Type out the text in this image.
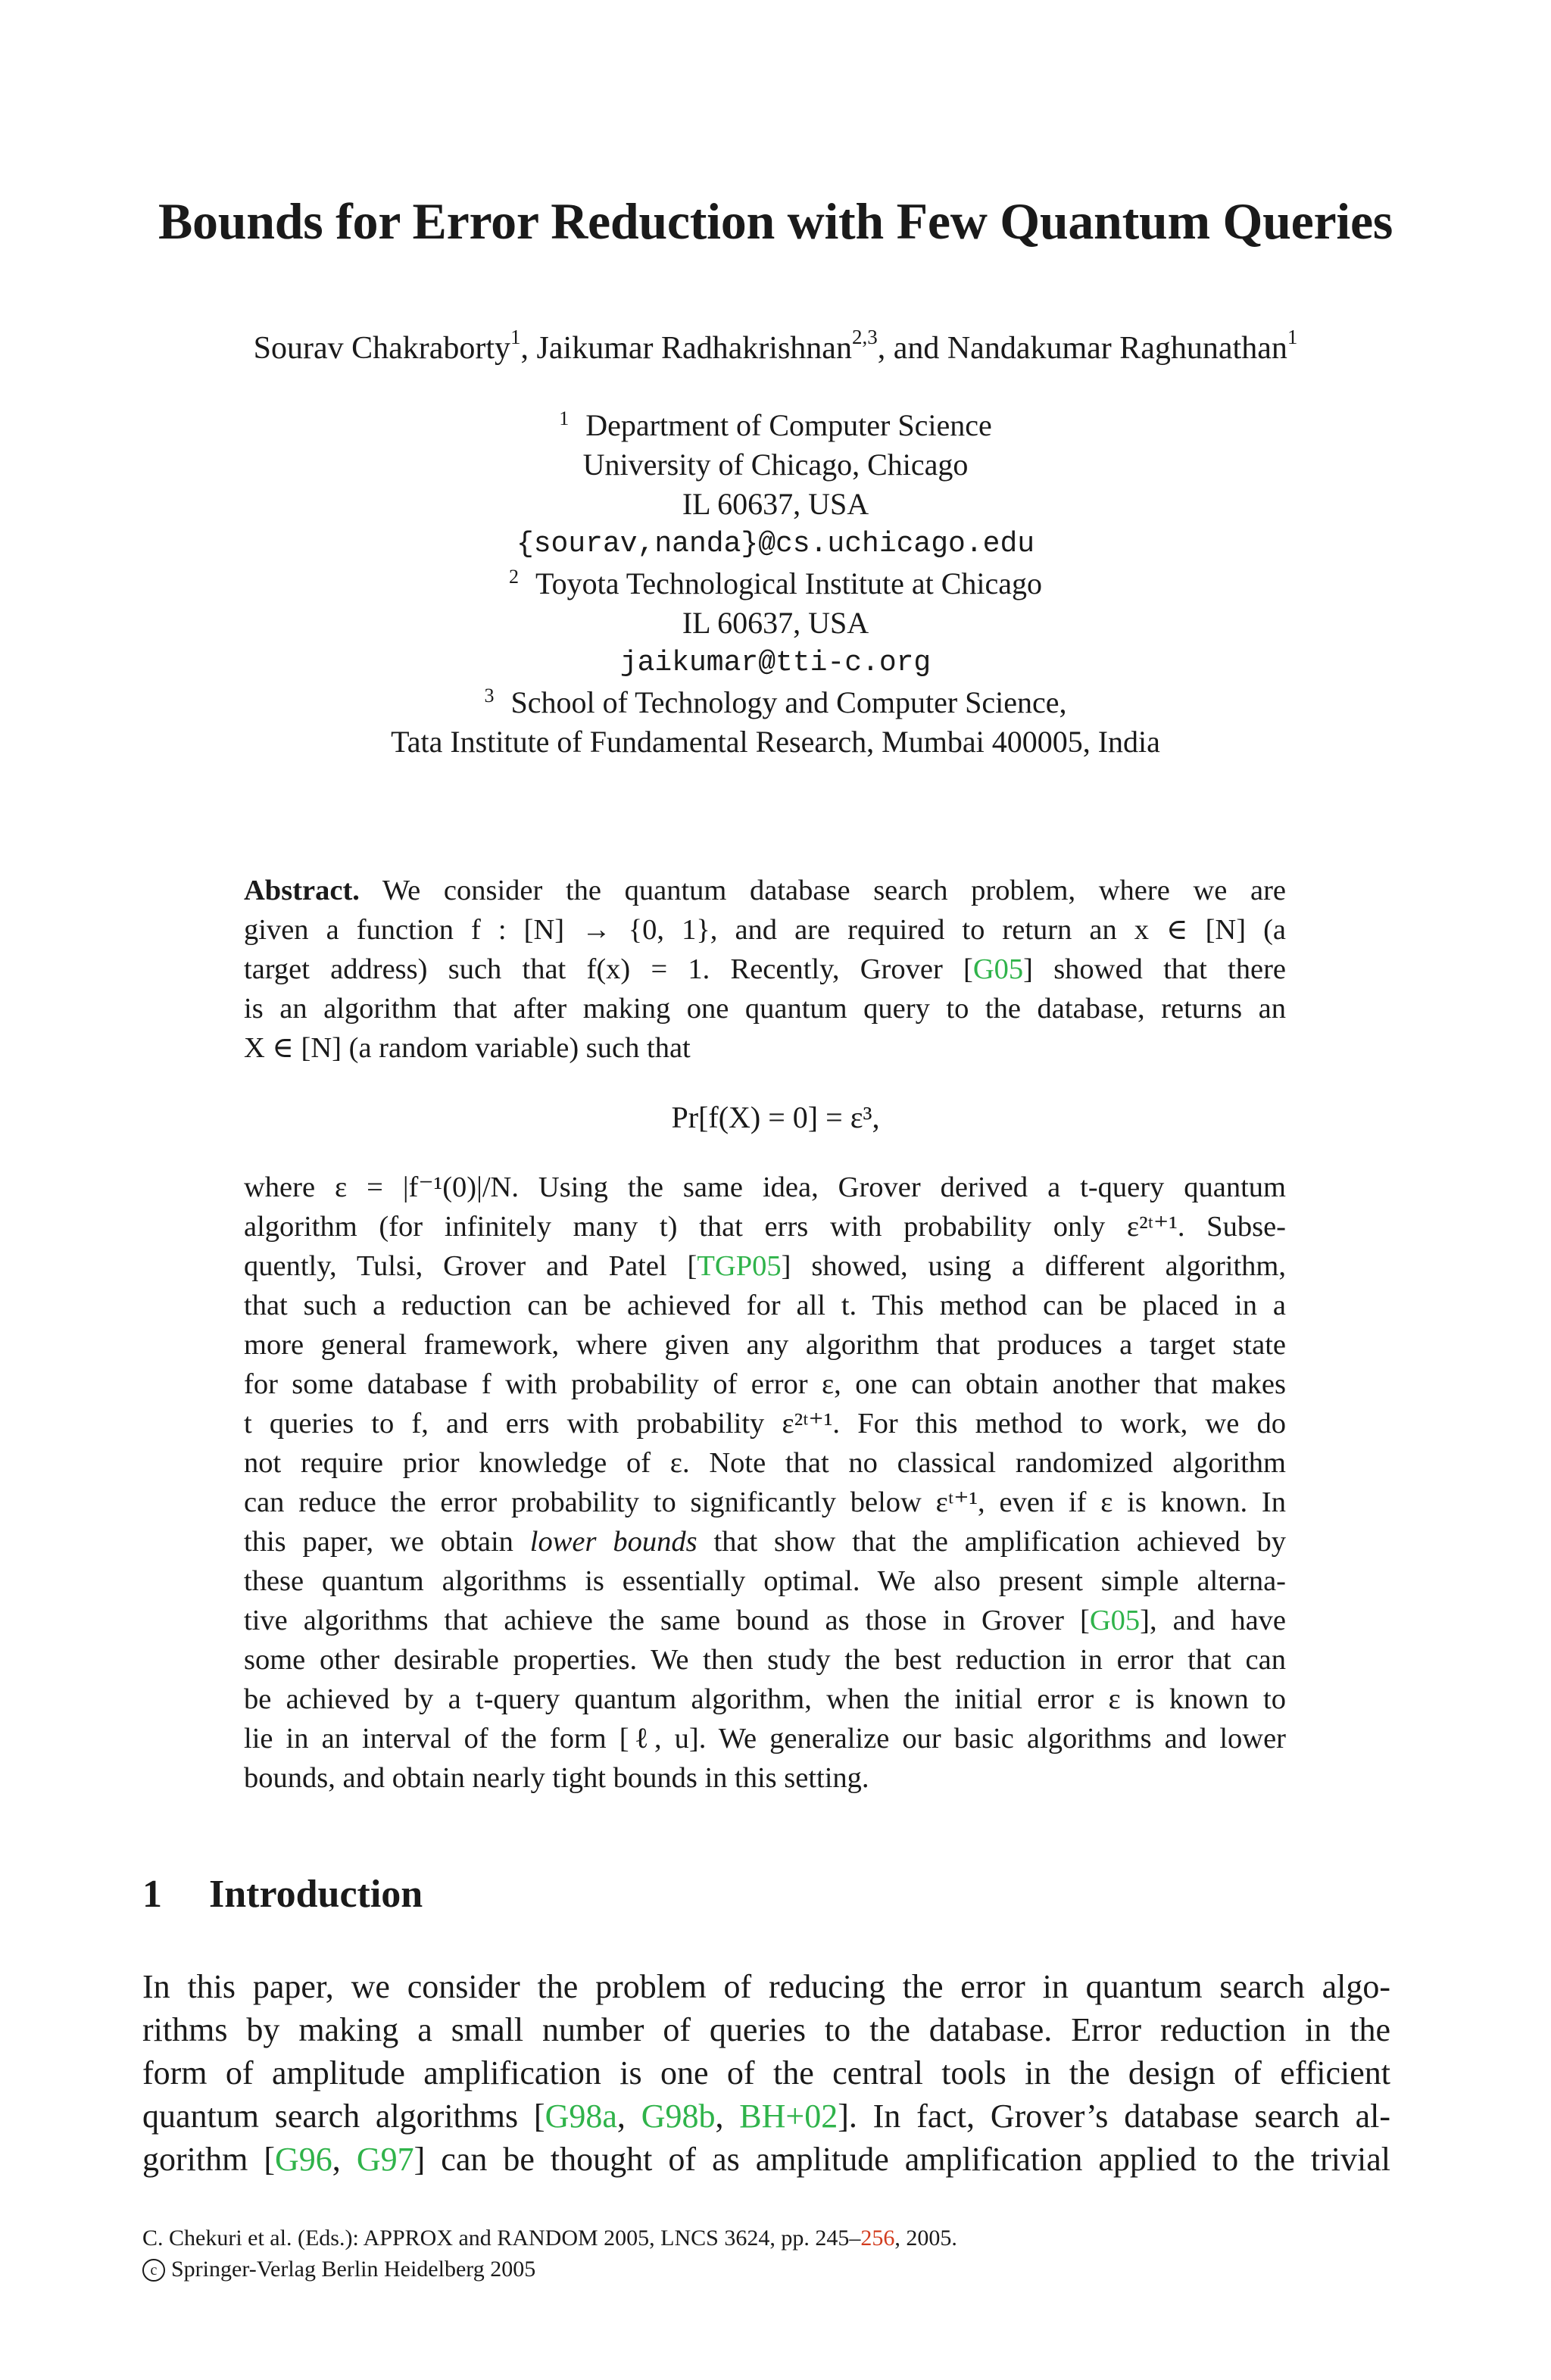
Bounds for Error Reduction with Few Quantum Queries
Sourav Chakraborty$^1$, Jaikumar Radhakrishnan$^{2,3}$, and Nandakumar Raghunathan$^1$
$^1$ Department of Computer Science
University of Chicago, Chicago
IL 60637, USA
{sourav,nanda}@cs.uchicago.edu
$^2$ Toyota Technological Institute at Chicago
IL 60637, USA
jaikumar@tti-c.org
$^3$ School of Technology and Computer Science,
Tata Institute of Fundamental Research, Mumbai 400005, India
Abstract. We consider the quantum database search problem, where we are
given a function f : [N] → {0, 1}, and are required to return an x ∈ [N] (a
target address) such that f(x) = 1. Recently, Grover [G05] showed that there
is an algorithm that after making one quantum query to the database, returns an
X ∈ [N] (a random variable) such that
Pr[f(X) = 0] = ε³,
where ε = |f⁻¹(0)|/N. Using the same idea, Grover derived a t-query quantum
algorithm (for infinitely many t) that errs with probability only ε²ᵗ⁺¹. Subse-
quently, Tulsi, Grover and Patel [TGP05] showed, using a different algorithm,
that such a reduction can be achieved for all t. This method can be placed in a
more general framework, where given any algorithm that produces a target state
for some database f with probability of error ε, one can obtain another that makes
t queries to f, and errs with probability ε²ᵗ⁺¹. For this method to work, we do
not require prior knowledge of ε. Note that no classical randomized algorithm
can reduce the error probability to significantly below εᵗ⁺¹, even if ε is known. In
this paper, we obtain lower bounds that show that the amplification achieved by
these quantum algorithms is essentially optimal. We also present simple alterna-
tive algorithms that achieve the same bound as those in Grover [G05], and have
some other desirable properties. We then study the best reduction in error that can
be achieved by a t-query quantum algorithm, when the initial error ε is known to
lie in an interval of the form [ℓ, u]. We generalize our basic algorithms and lower
bounds, and obtain nearly tight bounds in this setting.
1 Introduction
In this paper, we consider the problem of reducing the error in quantum search algo-
rithms by making a small number of queries to the database. Error reduction in the
form of amplitude amplification is one of the central tools in the design of efficient
quantum search algorithms [G98a, G98b, BH+02]. In fact, Grover’s database search al-
gorithm [G96, G97] can be thought of as amplitude amplification applied to the trivial
C. Chekuri et al. (Eds.): APPROX and RANDOM 2005, LNCS 3624, pp. 245–256, 2005.
c Springer-Verlag Berlin Heidelberg 2005
